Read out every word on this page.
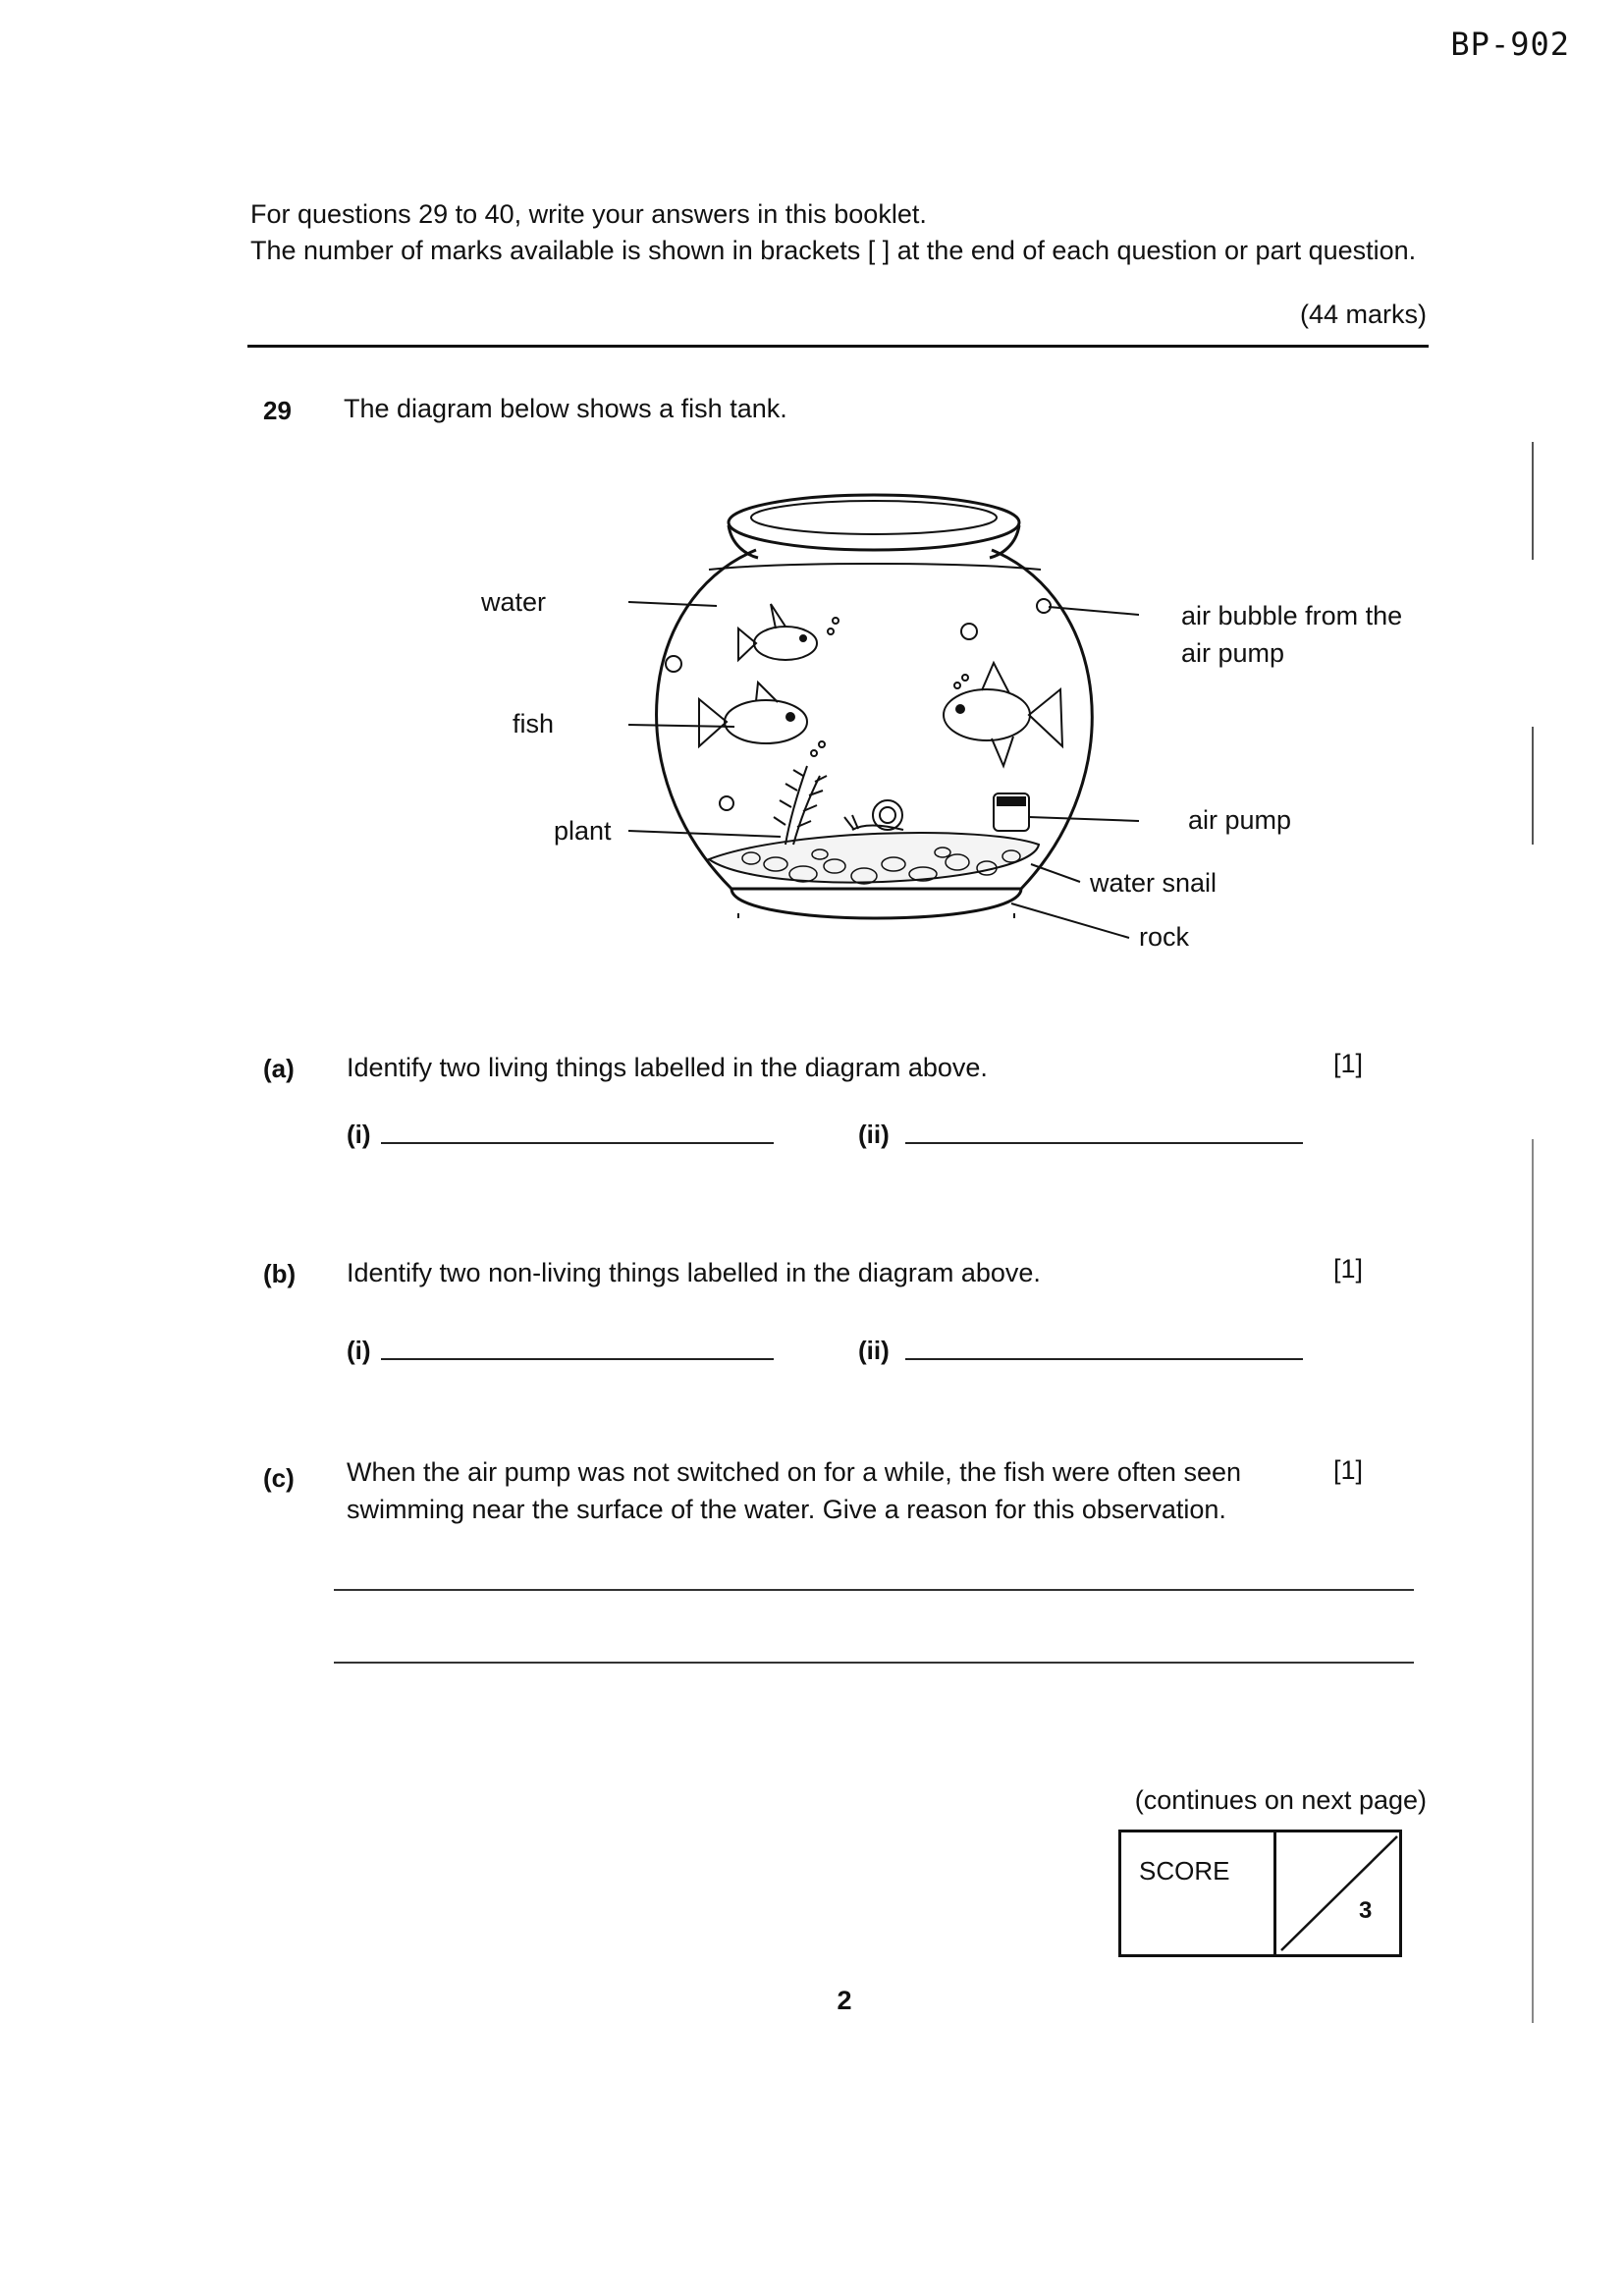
BP-902
For questions 29 to 40, write your answers in this booklet.
The number of marks available is shown in brackets [ ] at the end of each question or part question.
(44 marks)
29 The diagram below shows a fish tank.
water
fish
plant
air bubble from the air pump
air pump
water snail
rock
(a) Identify two living things labelled in the diagram above.	[1]
(i)	(ii)
(b) Identify two non-living things labelled in the diagram above.	[1]
(i)	(ii)
(c) When the air pump was not switched on for a while, the fish were often seen swimming near the surface of the water. Give a reason for this observation.
[1]
(continues on next page)
SCORE
3
2
